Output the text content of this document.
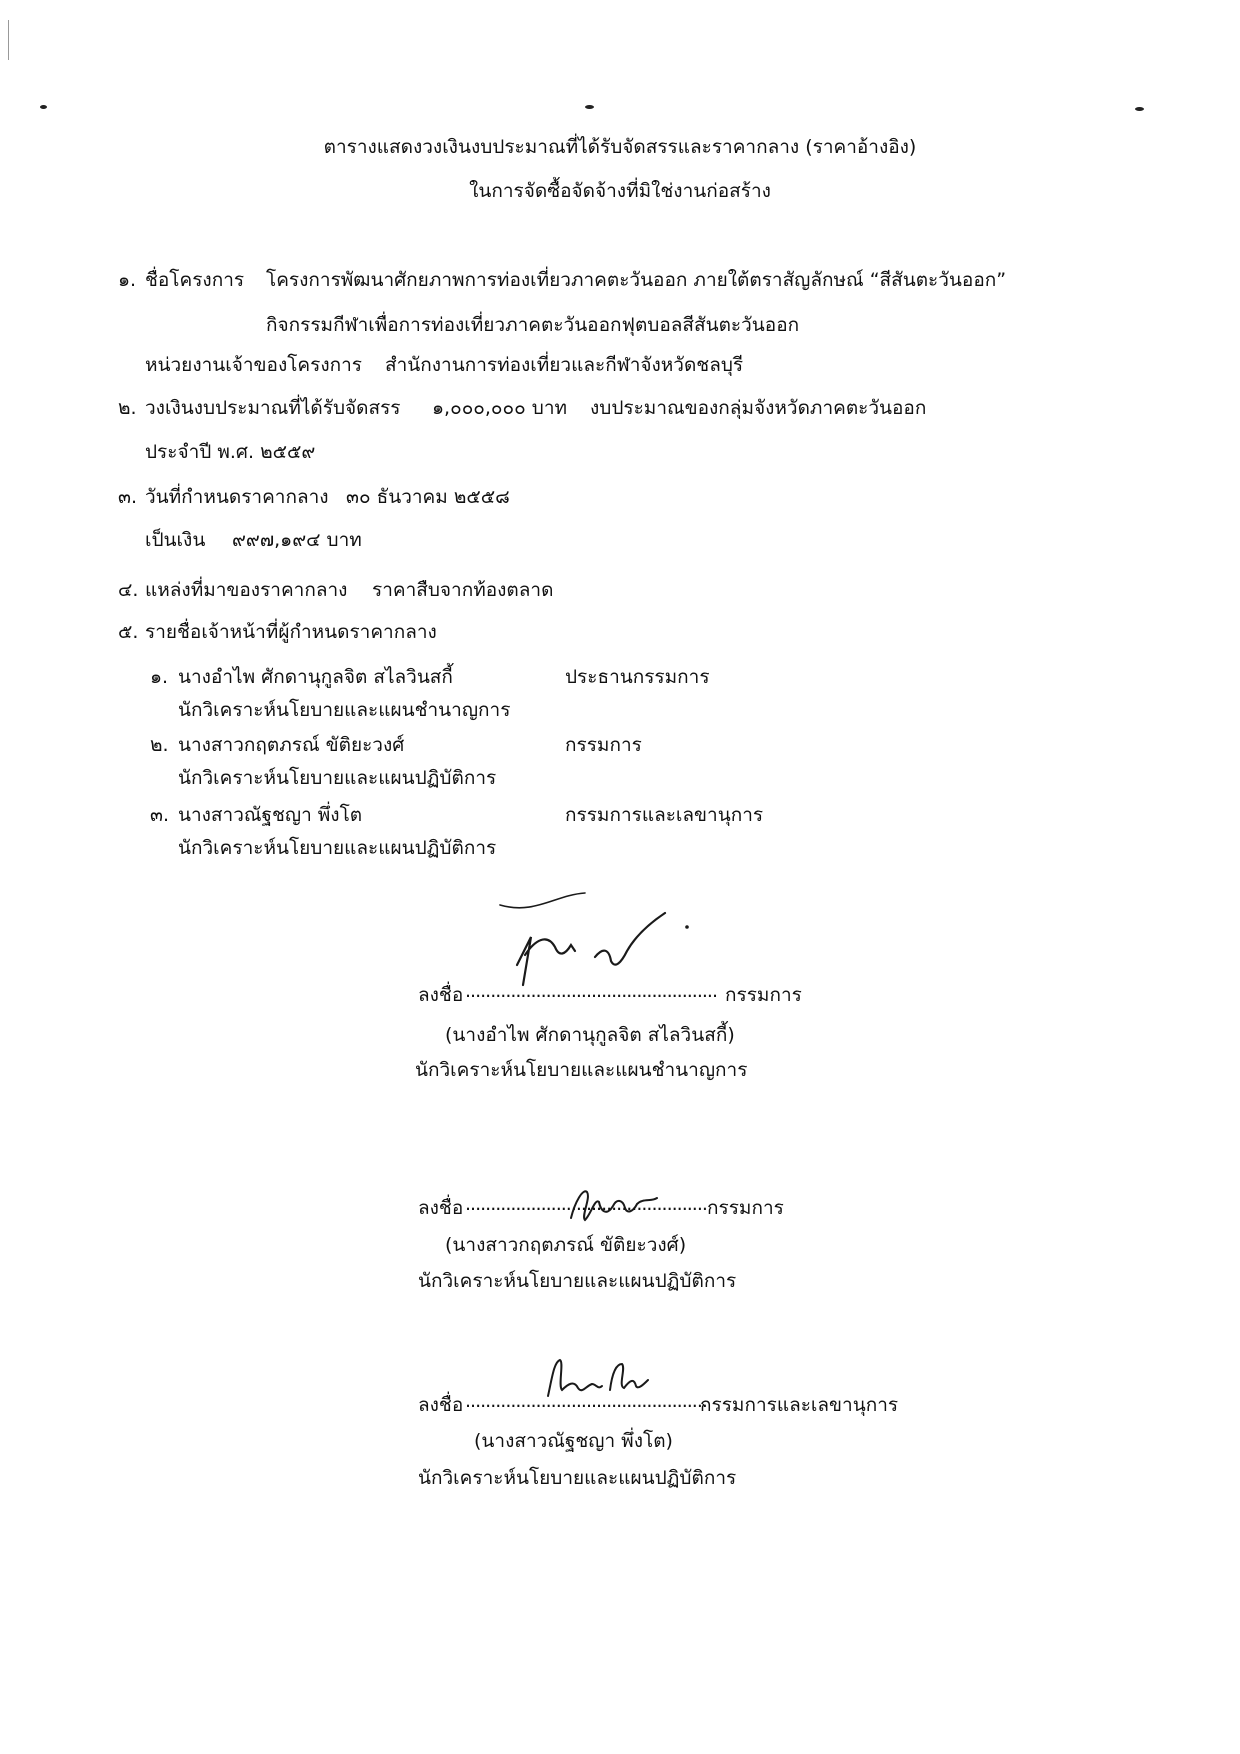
ตารางแสดงวงเงินงบประมาณที่ได้รับจัดสรรและราคากลาง (ราคาอ้างอิง)
ในการจัดซื้อจัดจ้างที่มิใช่งานก่อสร้าง
๑. ชื่อโครงการ โครงการพัฒนาศักยภาพการท่องเที่ยวภาคตะวันออก ภายใต้ตราสัญลักษณ์ “สีสันตะวันออก”
กิจกรรมกีฬาเพื่อการท่องเที่ยวภาคตะวันออกฟุตบอลสีสันตะวันออก
หน่วยงานเจ้าของโครงการ สำนักงานการท่องเที่ยวและกีฬาจังหวัดชลบุรี
๒. วงเงินงบประมาณที่ได้รับจัดสรร ๑,๐๐๐,๐๐๐ บาท งบประมาณของกลุ่มจังหวัดภาคตะวันออก
ประจำปี พ.ศ. ๒๕๕๙
๓. วันที่กำหนดราคากลาง ๓๐ ธันวาคม ๒๕๕๘
เป็นเงิน ๙๙๗,๑๙๔ บาท
๔. แหล่งที่มาของราคากลาง ราคาสืบจากท้องตลาด
๕. รายชื่อเจ้าหน้าที่ผู้กำหนดราคากลาง
๑. นางอำไพ ศักดานุกูลจิต สไลวินสกี้	ประธานกรรมการ
นักวิเคราะห์นโยบายและแผนชำนาญการ
๒. นางสาวกฤตภรณ์ ขัติยะวงศ์	กรรมการ
นักวิเคราะห์นโยบายและแผนปฏิบัติการ
๓. นางสาวณัฐชญา พึ่งโต	กรรมการและเลขานุการ
นักวิเคราะห์นโยบายและแผนปฏิบัติการ
ลงชื่อ .................................................. กรรมการ
(นางอำไพ ศักดานุกูลจิต สไลวินสกี้)
นักวิเคราะห์นโยบายและแผนชำนาญการ
ลงชื่อ ................................................ กรรมการ
(นางสาวกฤตภรณ์ ขัติยะวงศ์)
นักวิเคราะห์นโยบายและแผนปฏิบัติการ
ลงชื่อ ................................................
กรรมการและเลขานุการ
(นางสาวณัฐชญา พึ่งโต)
นักวิเคราะห์นโยบายและแผนปฏิบัติการ
